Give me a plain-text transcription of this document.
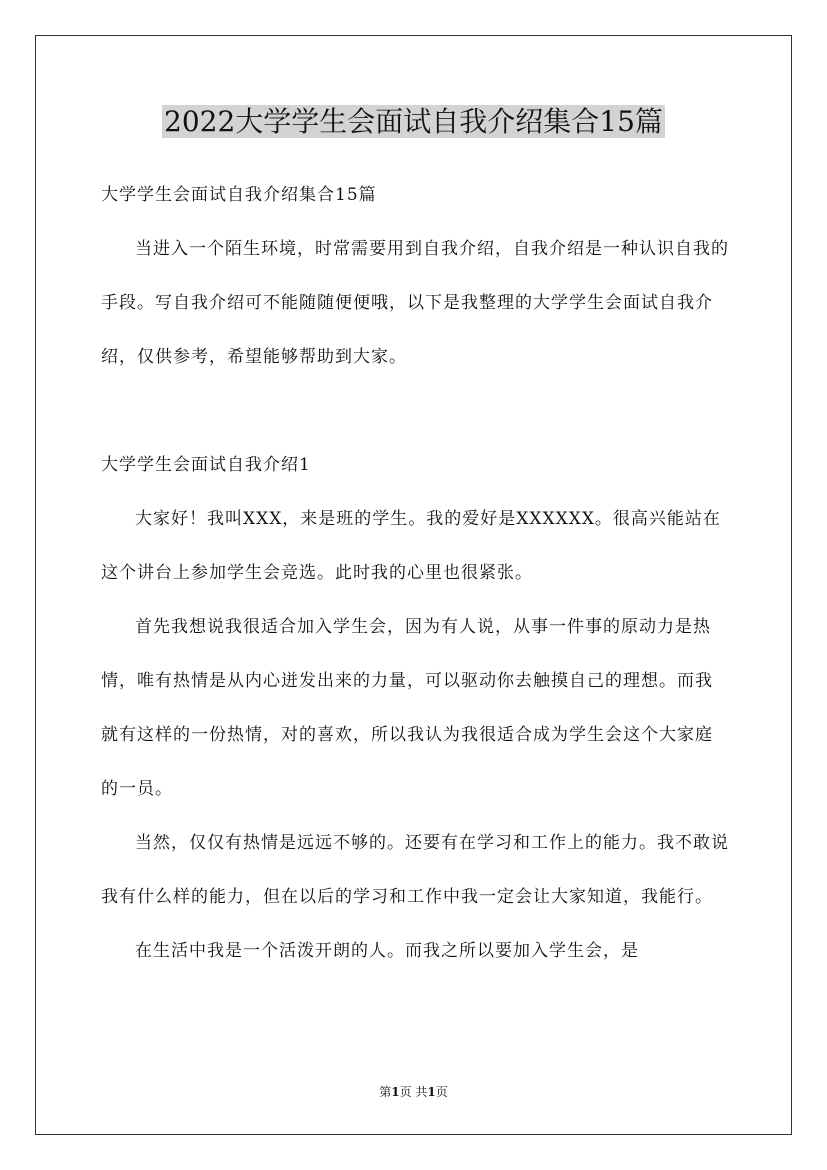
2022大学学生会面试自我介绍集合15篇

大学学生会面试自我介绍集合15篇

当进入一个陌生环境，时常需要用到自我介绍，自我介绍是一种认识自我的手段。写自我介绍可不能随随便便哦，以下是我整理的大学学生会面试自我介绍，仅供参考，希望能够帮助到大家。

大学学生会面试自我介绍1

大家好！我叫XXX，来是班的学生。我的爱好是XXXXXX。很高兴能站在这个讲台上参加学生会竞选。此时我的心里也很紧张。

首先我想说我很适合加入学生会，因为有人说，从事一件事的原动力是热情，唯有热情是从内心迸发出来的力量，可以驱动你去触摸自己的理想。而我就有这样的一份热情，对的喜欢，所以我认为我很适合成为学生会这个大家庭的一员。

当然，仅仅有热情是远远不够的。还要有在学习和工作上的能力。我不敢说我有什么样的能力，但在以后的学习和工作中我一定会让大家知道，我能行。

在生活中我是一个活泼开朗的人。而我之所以要加入学生会，是

第1页 共1页
